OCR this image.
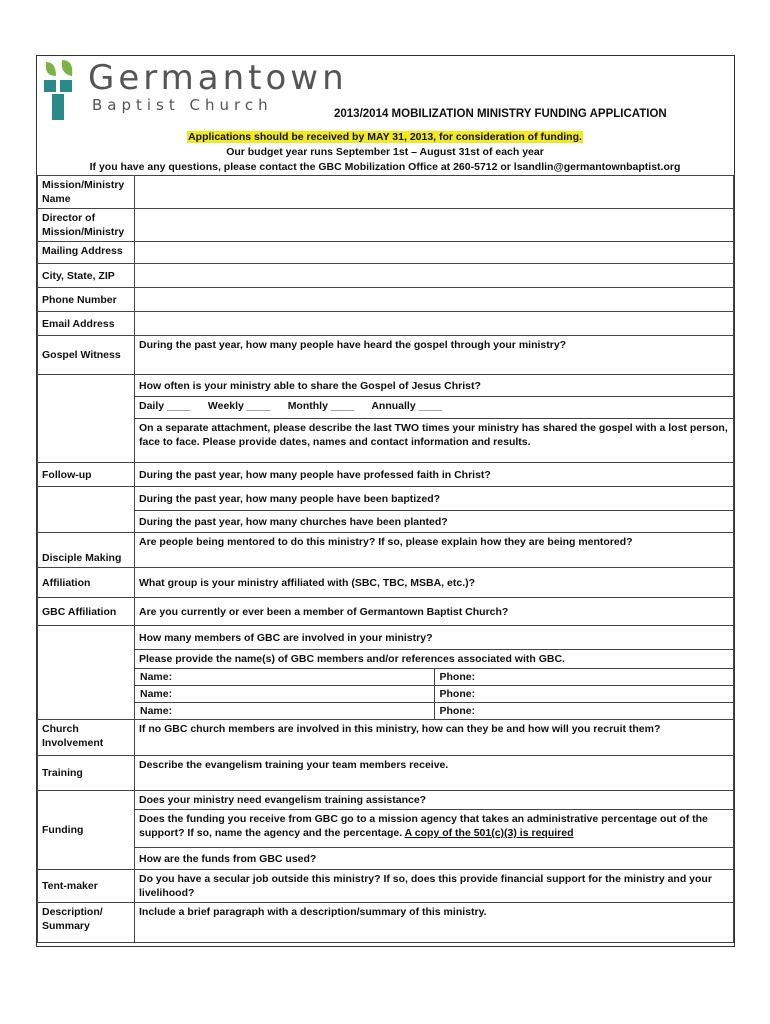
Germantown
Baptist Church	2013/2014 MOBILIZATION MINISTRY FUNDING APPLICATION
Applications should be received by MAY 31, 2013, for consideration of funding.
Our budget year runs September 1st – August 31st of each year
If you have any questions, please contact the GBC Mobilization Office at 260-5712 or lsandlin@germantownbaptist.org
Mission/Ministry Name	
Director of Mission/Ministry	
Mailing Address	
City, State, ZIP	
Phone Number	
Email Address	
Gospel Witness	During the past year, how many people have heard the gospel through your ministry?
	How often is your ministry able to share the Gospel of Jesus Christ?
	Daily ____ Weekly ____ Monthly ____ Annually ____
	On a separate attachment, please describe the last TWO times your ministry has shared the gospel with a lost person, face to face. Please provide dates, names and contact information and results.
Follow-up	During the past year, how many people have professed faith in Christ?
	During the past year, how many people have been baptized?
	During the past year, how many churches have been planted?
Disciple Making	Are people being mentored to do this ministry? If so, please explain how they are being mentored?
Affiliation	What group is your ministry affiliated with (SBC, TBC, MSBA, etc.)?
GBC Affiliation	Are you currently or ever been a member of Germantown Baptist Church?
	How many members of GBC are involved in your ministry?
	Please provide the name(s) of GBC members and/or references associated with GBC.

	Name: Phone:

	Name: Phone:

	Name: Phone:

Church Involvement	If no GBC church members are involved in this ministry, how can they be and how will you recruit them?
Training	Describe the evangelism training your team members receive.
Funding	Does your ministry need evangelism training assistance?
	Does the funding you receive from GBC go to a mission agency that takes an administrative percentage out of the support? If so, name the agency and the percentage. A copy of the 501(c)(3) is required
	How are the funds from GBC used?
Tent-maker	Do you have a secular job outside this ministry? If so, does this provide financial support for the ministry and your livelihood?
Description/ Summary	Include a brief paragraph with a description/summary of this ministry.
